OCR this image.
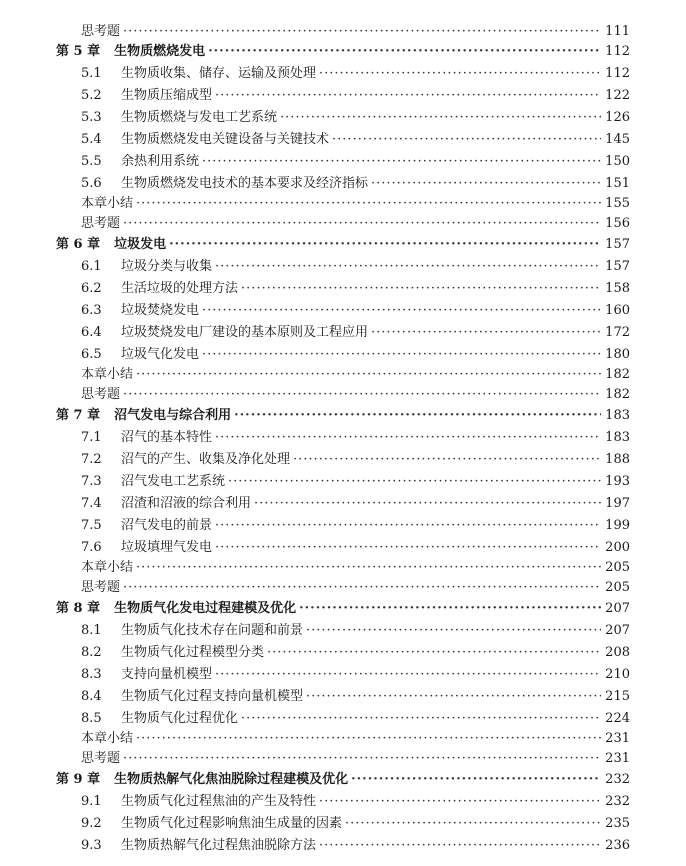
思考题 ·····	111
第 5 章 生物质燃烧发电 ·····	112
5.1	生物质收集、储存、运输及预处理 ·····	112
5.2	生物质压缩成型 ·····	122
5.3	生物质燃烧与发电工艺系统 ·····	126
5.4	生物质燃烧发电关键设备与关键技术 ·····	145
5.5	余热利用系统 ·····	150
5.6	生物质燃烧发电技术的基本要求及经济指标 ·····	151
本章小结 ·····	155
思考题 ·····	156
第 6 章 垃圾发电 ·····	157
6.1	垃圾分类与收集 ·····	157
6.2	生活垃圾的处理方法 ·····	158
6.3	垃圾焚烧发电 ·····	160
6.4	垃圾焚烧发电厂建设的基本原则及工程应用 ·····	172
6.5	垃圾气化发电 ·····	180
本章小结 ·····	182
思考题 ·····	182
第 7 章 沼气发电与综合利用 ·····	183
7.1	沼气的基本特性 ·····	183
7.2	沼气的产生、收集及净化处理 ·····	188
7.3	沼气发电工艺系统 ·····	193
7.4	沼渣和沼液的综合利用 ·····	197
7.5	沼气发电的前景 ·····	199
7.6	垃圾填埋气发电 ·····	200
本章小结 ·····	205
思考题 ·····	205
第 8 章 生物质气化发电过程建模及优化 ·····	207
8.1	生物质气化技术存在问题和前景 ·····	207
8.2	生物质气化过程模型分类 ·····	208
8.3	支持向量机模型 ·····	210
8.4	生物质气化过程支持向量机模型 ·····	215
8.5	生物质气化过程优化 ·····	224
本章小结 ·····	231
思考题 ·····	231
第 9 章 生物质热解气化焦油脱除过程建模及优化 ·····	232
9.1	生物质气化过程焦油的产生及特性 ·····	232
9.2	生物质气化过程影响焦油生成量的因素 ·····	235
9.3	生物质热解气化过程焦油脱除方法 ·····	236
